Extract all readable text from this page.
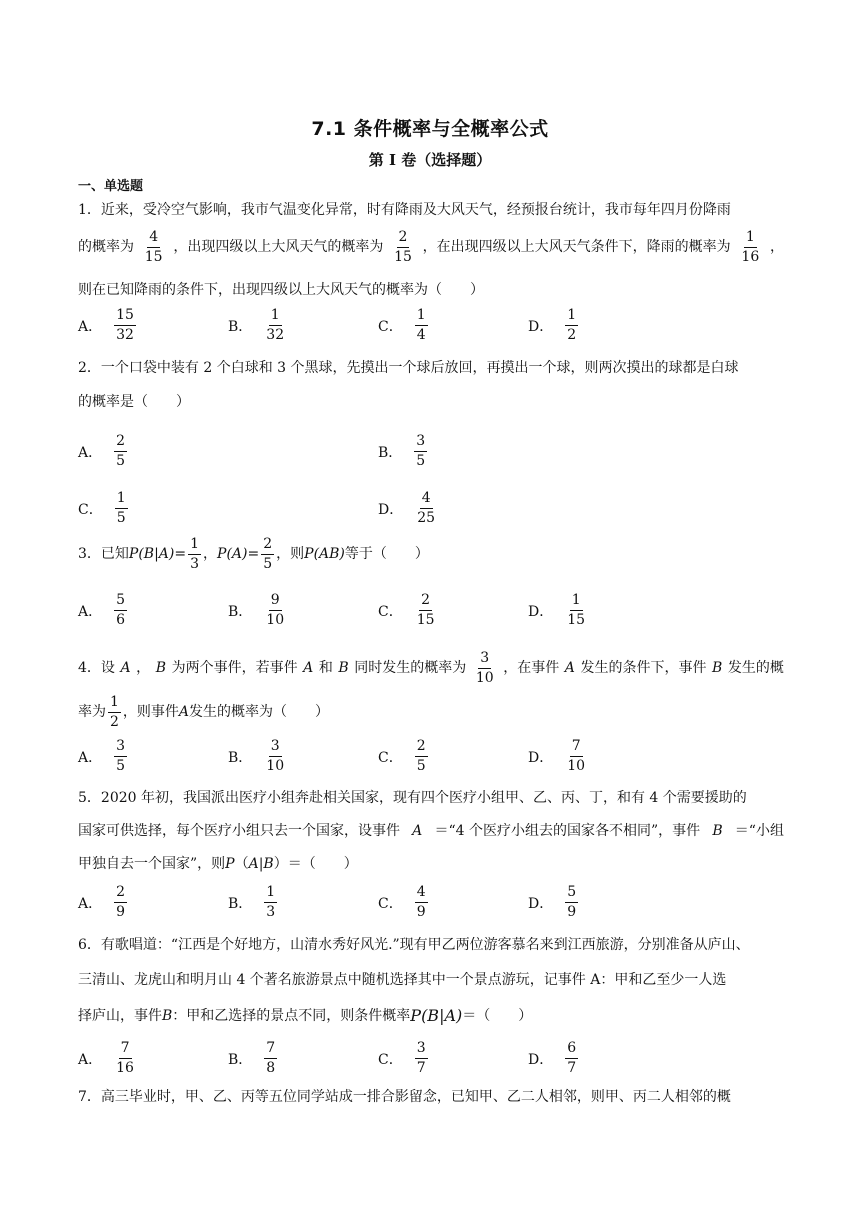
7.1 条件概率与全概率公式
第 I 卷（选择题）
一、单选题
1．近来，受冷空气影响，我市气温变化异常，时有降雨及大风天气，经预报台统计，我市每年四月份降雨
的概率为 $\frac{4}{15}$ ，出现四级以上大风天气的概率为 $\frac{2}{15}$ ，在出现四级以上大风天气条件下，降雨的概率为 $\frac{1}{16}$ ，
则在已知降雨的条件下，出现四级以上大风天气的概率为（　　）
A． $\frac{15}{32}$	B． $\frac{1}{32}$	C． $\frac{1}{4}$	D． $\frac{1}{2}$
2．一个口袋中装有 2 个白球和 3 个黑球，先摸出一个球后放回，再摸出一个球，则两次摸出的球都是白球
的概率是（　　）
A． $\frac{2}{5}$	B． $\frac{3}{5}$
C． $\frac{1}{5}$	D． $\frac{4}{25}$
3．已知 $P(B|A)= \frac{1}{3}$ ， $P(A)= \frac{2}{5}$ ，则 P(AB) 等于（　　）
A． $\frac{5}{6}$	B． $\frac{9}{10}$	C． $\frac{2}{15}$	D． $\frac{1}{15}$
4．设 A ， B 为两个事件，若事件 A 和 B 同时发生的概率为 $\frac{3}{10}$ ，在事件 A 发生的条件下，事件 B 发生的概
率为 $\frac{1}{2}$ ，则事件 A 发生的概率为（　　）
A． $\frac{3}{5}$	B． $\frac{3}{10}$	C． $\frac{2}{5}$	D． $\frac{7}{10}$
5．2020 年初，我国派出医疗小组奔赴相关国家，现有四个医疗小组甲、乙、丙、丁，和有 4 个需要援助的
国家可供选择，每个医疗小组只去一个国家，设事件 A ＝“4 个医疗小组去的国家各不相同”，事件 B ＝“小组
甲独自去一个国家”，则 P （ A|B ）＝（　　）
A． $\frac{2}{9}$	B． $\frac{1}{3}$	C． $\frac{4}{9}$	D． $\frac{5}{9}$
6．有歌唱道：“江西是个好地方，山清水秀好风光.”现有甲乙两位游客慕名来到江西旅游，分别准备从庐山、
三清山、龙虎山和明月山 4 个著名旅游景点中随机选择其中一个景点游玩，记事件 A：甲和乙至少一人选
择庐山，事件 B ：甲和乙选择的景点不同，则条件概率 P(B|A) ＝（　　）
A． $\frac{7}{16}$	B． $\frac{7}{8}$	C． $\frac{3}{7}$	D． $\frac{6}{7}$
7．高三毕业时，甲、乙、丙等五位同学站成一排合影留念，已知甲、乙二人相邻，则甲、丙二人相邻的概
